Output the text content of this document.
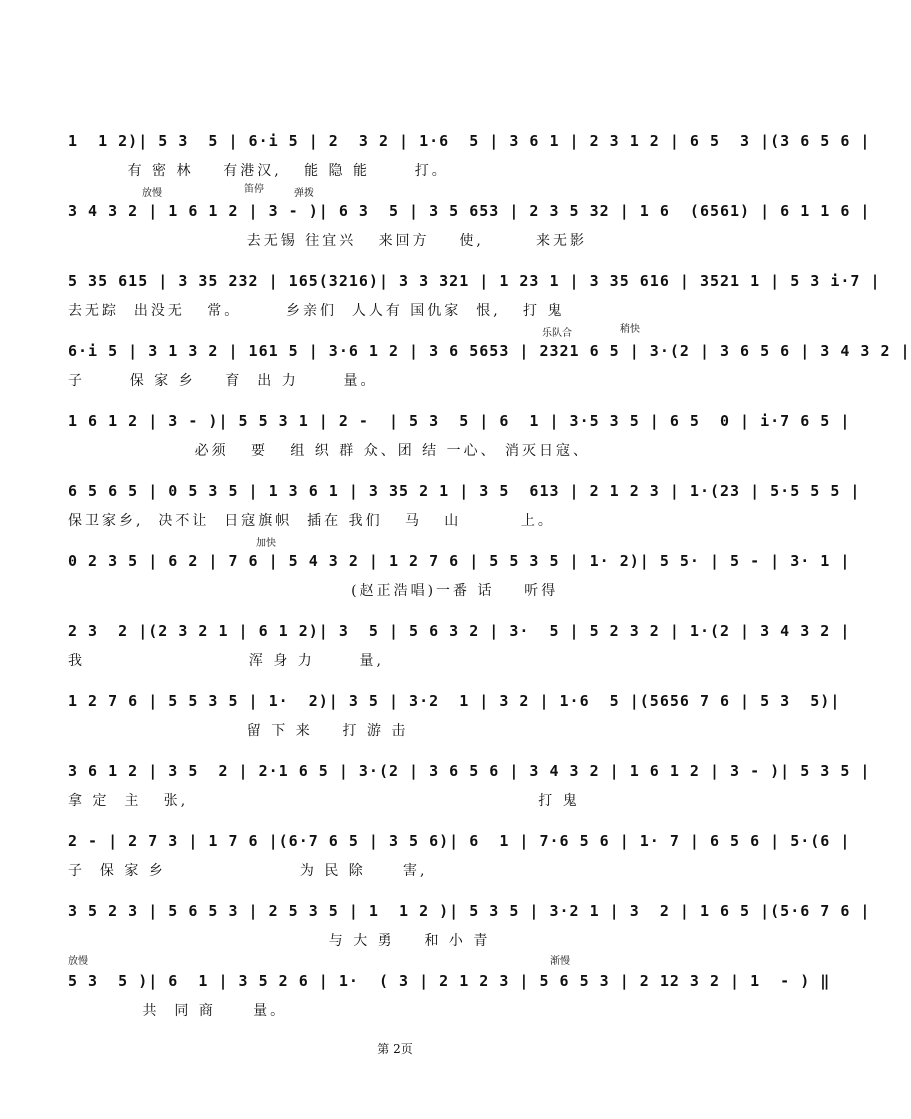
1  1 2)| 5 3  5 | 6·i 5 | 2  3 2 | 1·6  5 | 3 6 1 | 2 3 1 2 | 6 5  3 |(3 6 5 6 |
有 密 林    有港汉,   能 隐 能      打。
放慢	笛停	弹拨
3 4 3 2 | 1 6 1 2 | 3 - )| 6 3  5 | 3 5 653 | 2 3 5 32 | 1 6  (6561) | 6 1 1 6 |
去无锡 往宜兴   来回方    使,       来无影
5 35 615 | 3 35 232 | 165(3216)| 3 3 321 | 1 23 1 | 3 35 616 | 3521 1 | 5 3 i·7 |
去无踪  出没无   常。      乡亲们  人人有 国仇家  恨,   打 鬼
乐队合	稍快
6·i 5 | 3 1 3 2 | 161 5 | 3·6 1 2 | 3 6 5653 | 2321 6 5 | 3·(2 | 3 6 5 6 | 3 4 3 2 |
子      保 家 乡    育  出 力      量。
1 6 1 2 | 3 - )| 5 5 3 1 | 2 -  | 5 3  5 | 6  1 | 3·5 3 5 | 6 5  0 | i·7 6 5 |
必须   要   组 织 群 众、团 结 一心、 消灭日寇、
6 5 6 5 | 0 5 3 5 | 1 3 6 1 | 3 35 2 1 | 3 5  613 | 2 1 2 3 | 1·(23 | 5·5 5 5 |
保卫家乡,  决不让  日寇旗帜  插在 我们   马   山        上。
加快
0 2 3 5 | 6 2 | 7 6 | 5 4 3 2 | 1 2 7 6 | 5 5 3 5 | 1· 2)| 5 5· | 5 - | 3· 1 |
(赵正浩唱)一番 话    听得
2 3  2 |(2 3 2 1 | 6 1 2)| 3  5 | 5 6 3 2 | 3·  5 | 5 2 3 2 | 1·(2 | 3 4 3 2 |
我                      浑 身 力      量,
1 2 7 6 | 5 5 3 5 | 1·  2)| 3 5 | 3·2  1 | 3 2 | 1·6  5 |(5656 7 6 | 5 3  5)|
留 下 来    打 游 击
3 6 1 2 | 3 5  2 | 2·1 6 5 | 3·(2 | 3 6 5 6 | 3 4 3 2 | 1 6 1 2 | 3 - )| 5 3 5 |
拿 定  主   张,                                               打 鬼
2 - | 2 7 3 | 1 7 6 |(6·7 6 5 | 3 5 6)| 6  1 | 7·6 5 6 | 1· 7 | 6 5 6 | 5·(6 |
子  保 家 乡                  为 民 除     害,
3 5 2 3 | 5 6 5 3 | 2 5 3 5 | 1  1 2 )| 5 3 5 | 3·2 1 | 3  2 | 1 6 5 |(5·6 7 6 |
与 大 勇    和 小 青
放慢	渐慢
5 3  5 )| 6  1 | 3 5 2 6 | 1·  ( 3 | 2 1 2 3 | 5 6 5 3 | 2 12 3 2 | 1  - ) ‖
共  同 商     量。
第 2页
